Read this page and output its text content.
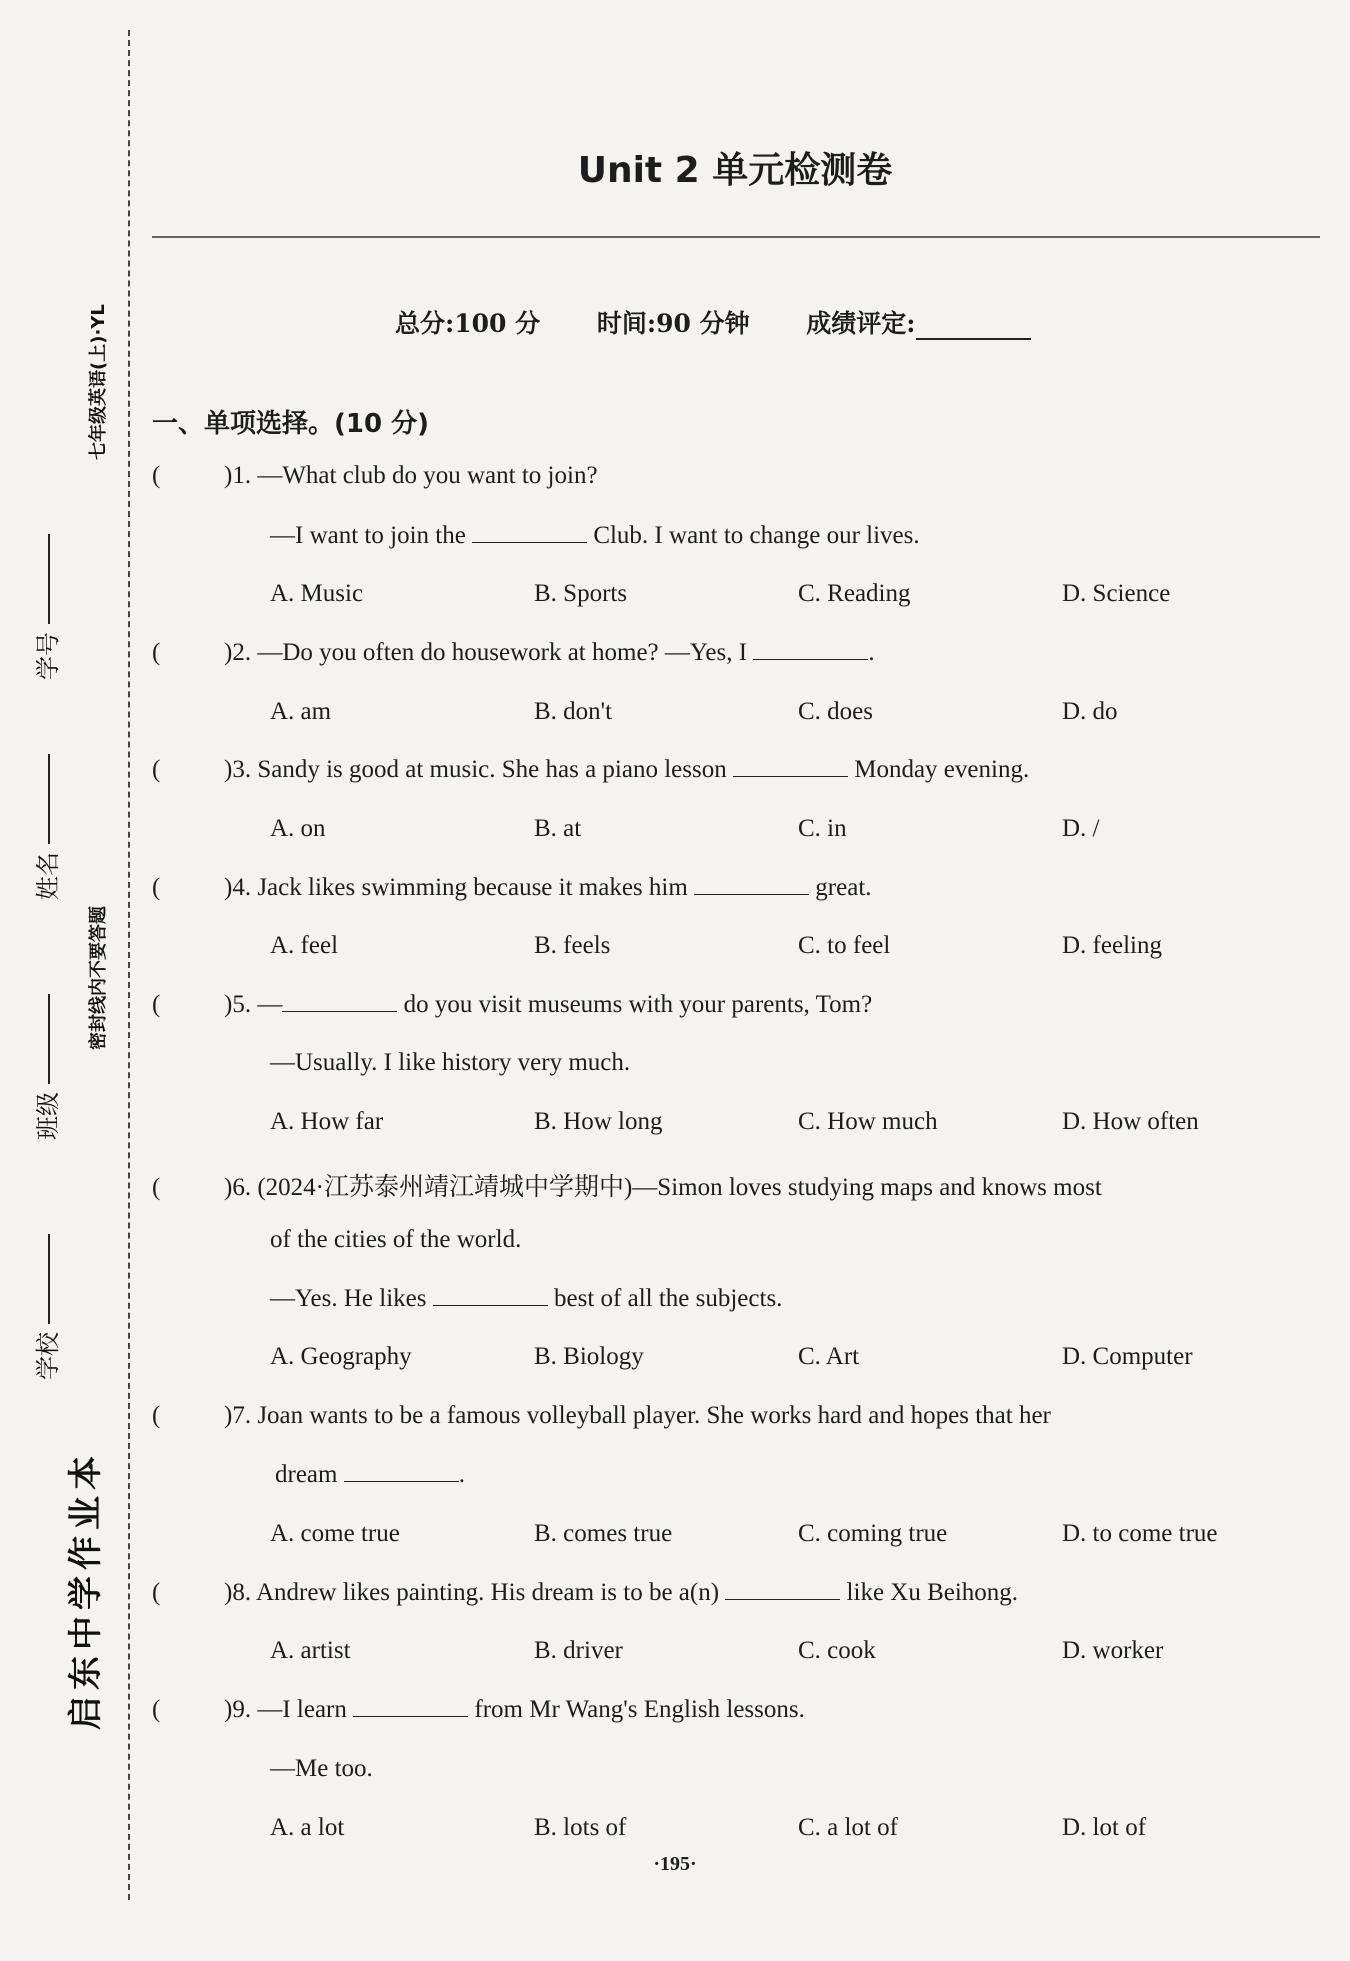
启东中学作业本
七年级英语(上)·YL
密封线内不要答题
学校
班级
姓名
学号
Unit 2 单元检测卷
总分:100 分 时间:90 分钟 成绩评定:
一、单项选择。(10 分)
(	)1. —What club do you want to join?
—I want to join the	Club. I want to change our lives.
A. Music	B. Sports	C. Reading	D. Science
(	)2. —Do you often do housework at home? —Yes, I	.
A. am	B. don't	C. does	D. do
(	)3. Sandy is good at music. She has a piano lesson	Monday evening.
A. on	B. at	C. in	D. /
(	)4. Jack likes swimming because it makes him	great.
A. feel	B. feels	C. to feel	D. feeling
(	)5. —	do you visit museums with your parents, Tom?
—Usually. I like history very much.
A. How far	B. How long	C. How much	D. How often
(	)6. (2024·江苏泰州靖江靖城中学期中)—Simon loves studying maps and knows most
of the cities of the world.
—Yes. He likes	best of all the subjects.
A. Geography	B. Biology	C. Art	D. Computer
(	)7. Joan wants to be a famous volleyball player. She works hard and hopes that her
dream	.
A. come true	B. comes true	C. coming true	D. to come true
(	)8. Andrew likes painting. His dream is to be a(n)	like Xu Beihong.
A. artist	B. driver	C. cook	D. worker
(	)9. —I learn	from Mr Wang's English lessons.
—Me too.
A. a lot	B. lots of	C. a lot of	D. lot of
·195·
